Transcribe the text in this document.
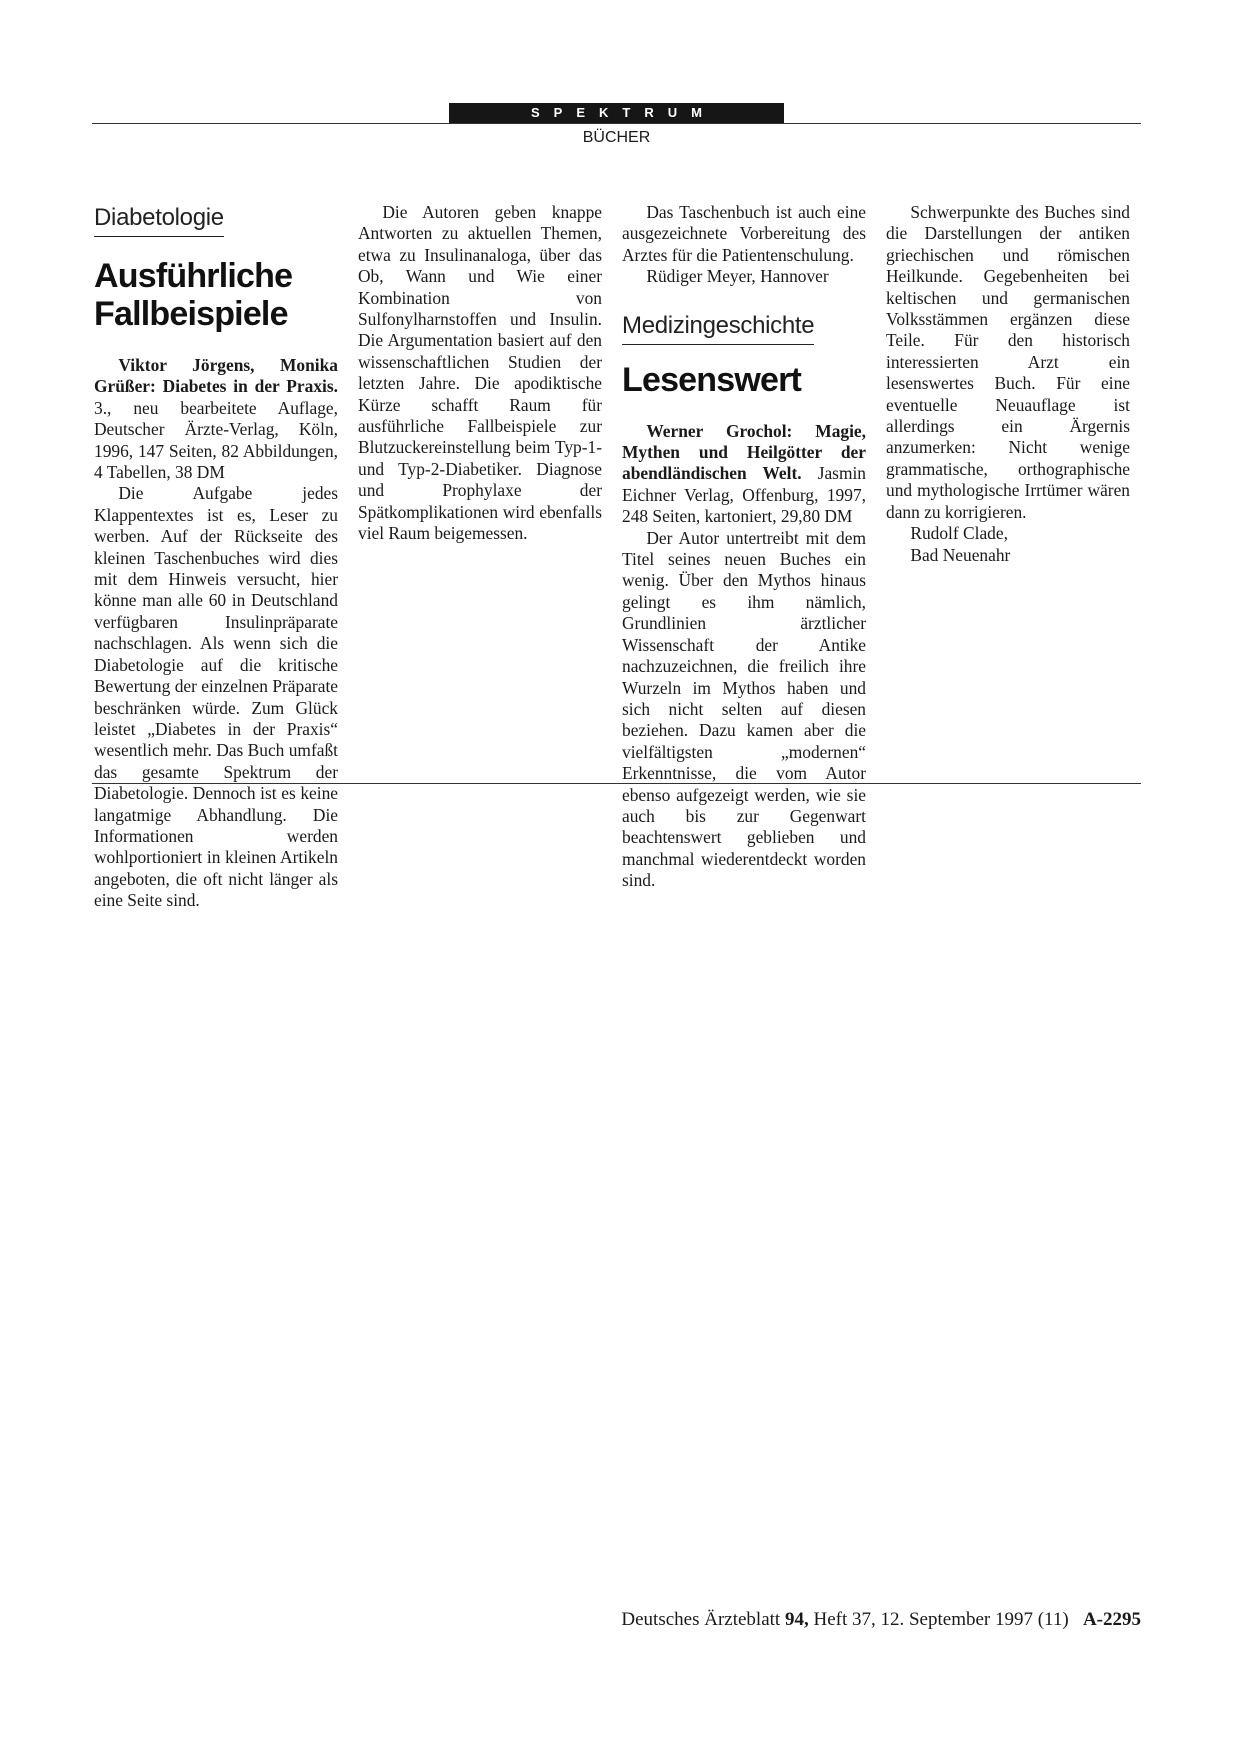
SPEKTRUM
BÜCHER
Diabetologie
Ausführliche
Fallbeispiele

Viktor Jörgens, Monika Grüßer: Diabetes in der Praxis. 3., neu bearbeitete Auflage, Deutscher Ärzte-Verlag, Köln, 1996, 147 Seiten, 82 Abbildungen, 4 Tabellen, 38 DM

Die Aufgabe jedes Klappentextes ist es, Leser zu werben. Auf der Rückseite des kleinen Taschenbuches wird dies mit dem Hinweis versucht, hier könne man alle 60 in Deutschland verfügbaren Insulinpräparate nachschlagen. Als wenn sich die Diabetologie auf die kritische Bewertung der einzelnen Präparate beschränken würde. Zum Glück leistet „Diabetes in der Praxis“ wesentlich mehr. Das Buch umfaßt das gesamte Spektrum der Diabetologie. Dennoch ist es keine langatmige Abhandlung. Die Informationen werden wohlportioniert in kleinen Artikeln angeboten, die oft nicht länger als eine Seite sind.

Die Autoren geben knappe Antworten zu aktuellen Themen, etwa zu Insulinanaloga, über das Ob, Wann und Wie einer Kombination von Sulfonylharnstoffen und Insulin. Die Argumentation basiert auf den wissenschaftlichen Studien der letzten Jahre. Die apodiktische Kürze schafft Raum für ausführliche Fallbeispiele zur Blutzuckereinstellung beim Typ-1- und Typ-2-Diabetiker. Diagnose und Prophylaxe der Spätkomplikationen wird ebenfalls viel Raum beigemessen.

Das Taschenbuch ist auch eine ausgezeichnete Vorbereitung des Arztes für die Patientenschulung.

Rüdiger Meyer, Hannover

Medizingeschichte
Lesenswert

Werner Grochol: Magie, Mythen und Heilgötter der abendländischen Welt. Jasmin Eichner Verlag, Offenburg, 1997, 248 Seiten, kartoniert, 29,80 DM

Der Autor untertreibt mit dem Titel seines neuen Buches ein wenig. Über den Mythos hinaus gelingt es ihm nämlich, Grundlinien ärztlicher Wissenschaft der Antike nachzuzeichnen, die freilich ihre Wurzeln im Mythos haben und sich nicht selten auf diesen beziehen. Dazu kamen aber die vielfältigsten „modernen“ Erkenntnisse, die vom Autor ebenso aufgezeigt werden, wie sie auch bis zur Gegenwart beachtenswert geblieben und manchmal wiederentdeckt worden sind.

Schwerpunkte des Buches sind die Darstellungen der antiken griechischen und römischen Heilkunde. Gegebenheiten bei keltischen und germanischen Volksstämmen ergänzen diese Teile. Für den historisch interessierten Arzt ein lesenswertes Buch. Für eine eventuelle Neuauflage ist allerdings ein Ärgernis anzumerken: Nicht wenige grammatische, orthographische und mythologische Irrtümer wären dann zu korrigieren.

Rudolf Clade,

Bad Neuenahr

Deutsches Ärzteblatt 94, Heft 37, 12. September 1997 (11) A-2295
